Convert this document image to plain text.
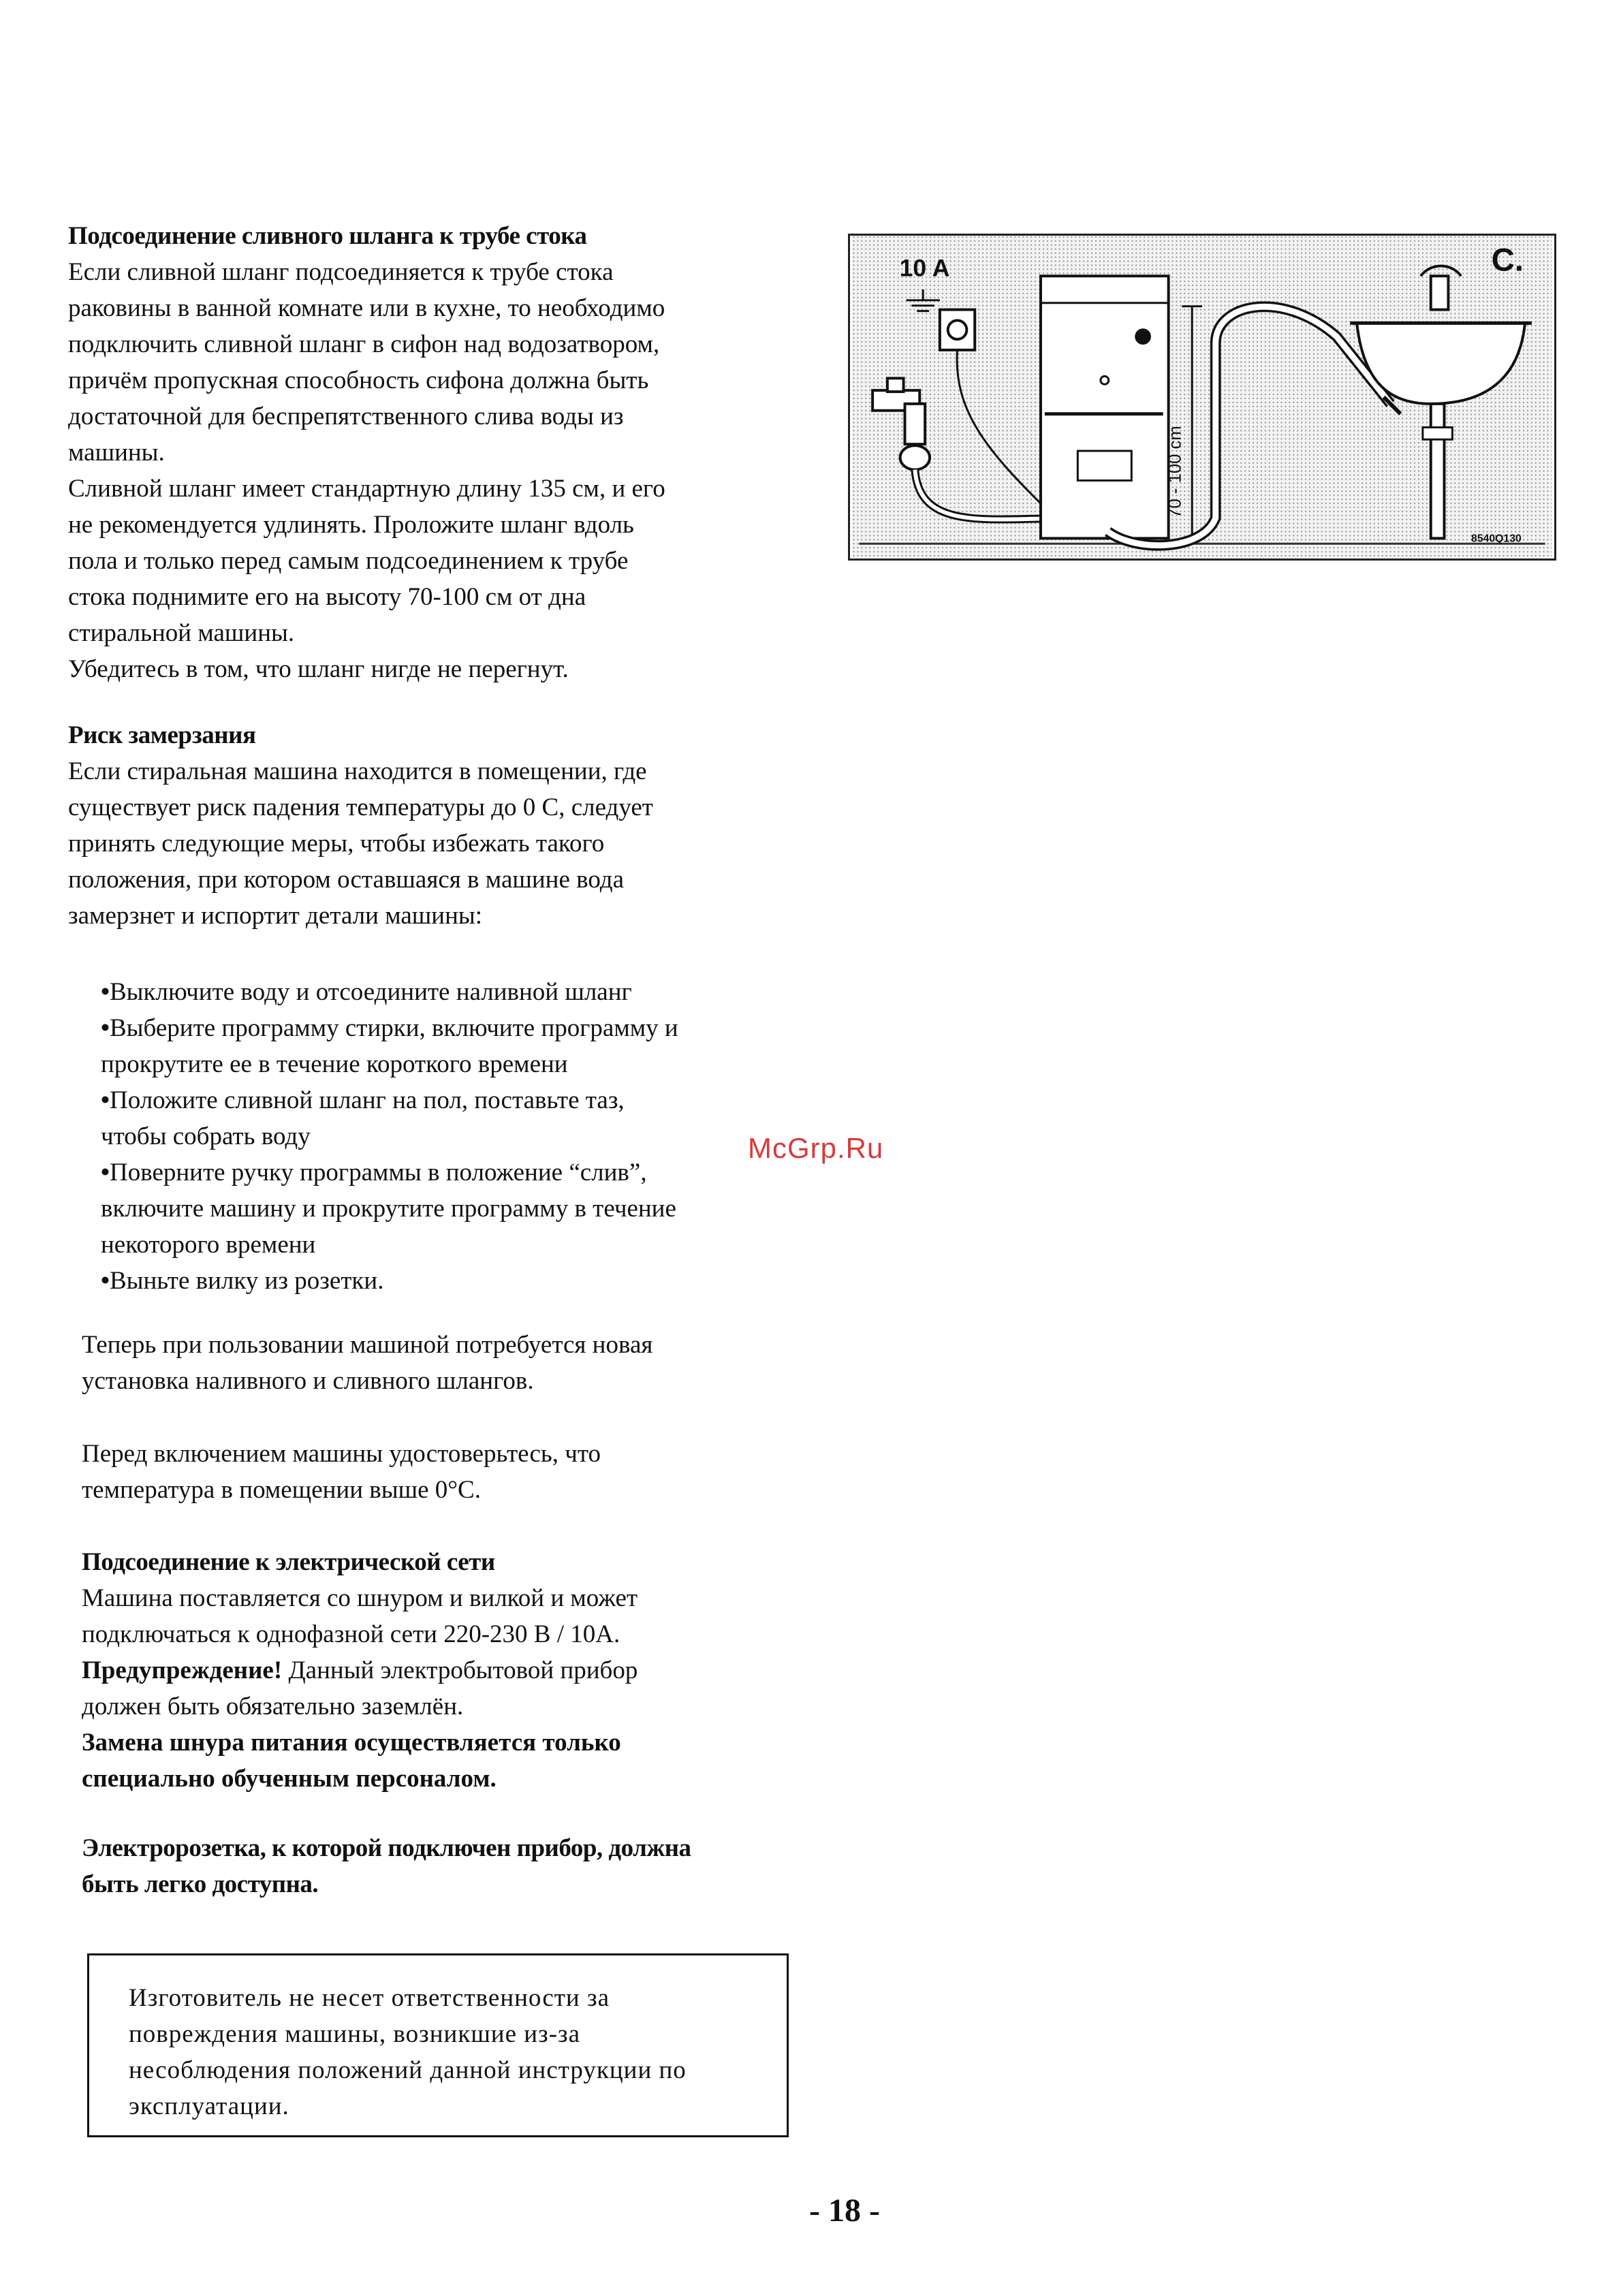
Подсоединение сливного шланга к трубе стока

Если сливной шланг подсоединяется к трубе стока

раковины в ванной комнате или в кухне, то необходимо

подключить сливной шланг в сифон над водозатвором,

причём пропускная способность сифона должна быть

достаточной для беспрепятственного слива воды из

машины.

Сливной шланг имеет стандартную длину 135 см, и его

не рекомендуется удлинять. Проложите шланг вдоль

пола и только перед самым подсоединением к трубе

стока поднимите его на высоту 70-100 см от дна

стиральной машины.

Убедитесь в том, что шланг нигде не перегнут.

70 - 100 cm
10 A	C.
8540Q130

Риск замерзания

Если стиральная машина находится в помещении, где

существует риск падения температуры до 0 С, следует

принять следующие меры, чтобы избежать такого

положения, при котором оставшаяся в машине вода

замерзнет и испортит детали машины:

• Выключите воду и отсоедините наливной шланг
• Выберите программу стирки, включите программу и
прокрутите ее в течение короткого времени
• Положите сливной шланг на пол, поставьте таз,
чтобы собрать воду
• Поверните ручку программы в положение “слив”,
включите машину и прокрутите программу в течение
некоторого времени
• Выньте вилку из розетки.

Теперь при пользовании машиной потребуется новая

установка наливного и сливного шлангов.

Перед включением машины удостоверьтесь, что

температура в помещении выше 0°С.

Подсоединение к электрической сети

Машина поставляется со шнуром и вилкой и может

подключаться к однофазной сети 220-230 В / 10А.

Предупреждение! Данный электробытовой прибор

должен быть обязательно заземлён.

Замена шнура питания осуществляется только

специально обученным персоналом.

Электророзетка, к которой подключен прибор, должна

быть легко доступна.

Изготовитель не несет ответственности за
повреждения машины, возникшие из-за
несоблюдения положений данной инструкции по
эксплуатации.
McGrp.Ru
- 18 -
